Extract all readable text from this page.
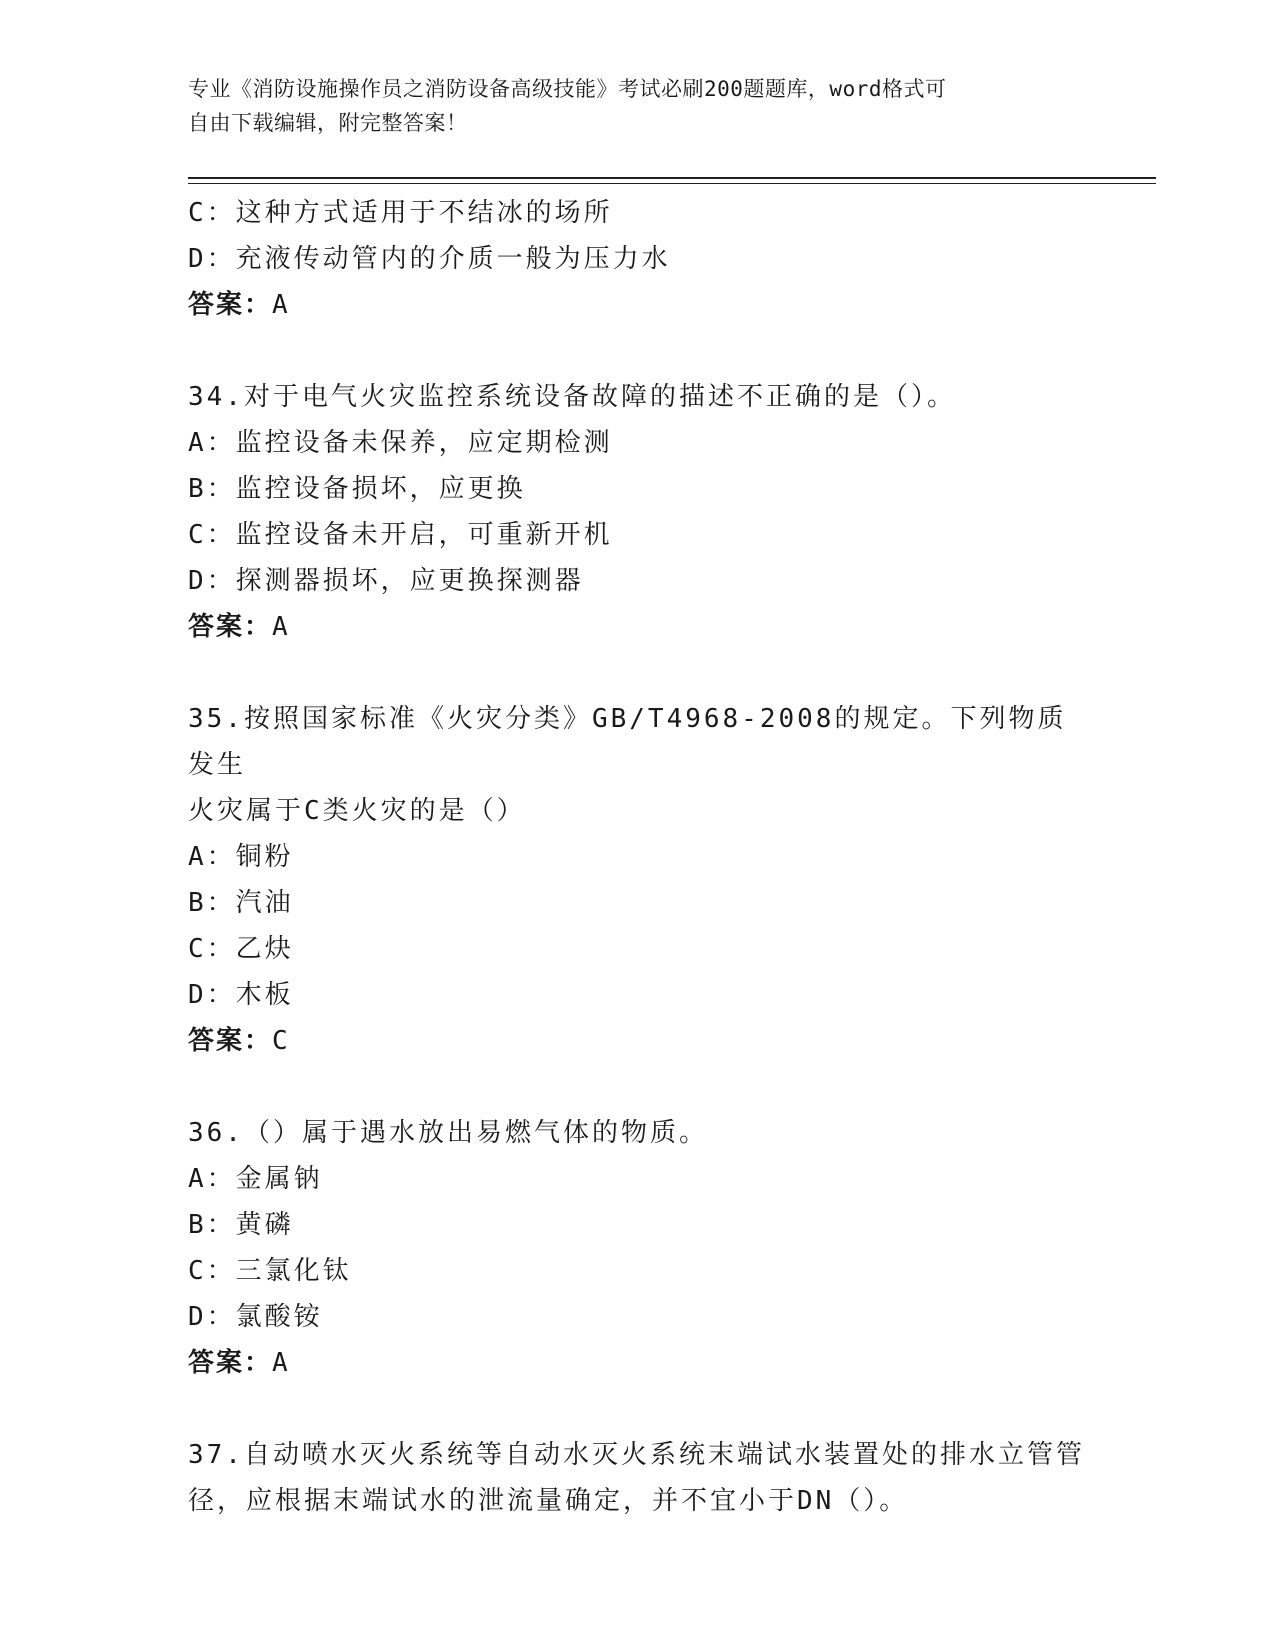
专业《消防设施操作员之消防设备高级技能》考试必刷200题题库，word格式可
自由下载编辑，附完整答案！
C：这种方式适用于不结冰的场所
D：充液传动管内的介质一般为压力水
答案：A
34.对于电气火灾监控系统设备故障的描述不正确的是（）。
A：监控设备未保养，应定期检测
B：监控设备损坏，应更换
C：监控设备未开启，可重新开机
D：探测器损坏，应更换探测器
答案：A
35.按照国家标准《火灾分类》GB/T4968-2008的规定。下列物质发生
火灾属于C类火灾的是（）
A：铜粉
B：汽油
C：乙炔
D：木板
答案：C
36.（）属于遇水放出易燃气体的物质。
A：金属钠
B：黄磷
C：三氯化钛
D：氯酸铵
答案：A
37.自动喷水灭火系统等自动水灭火系统末端试水装置处的排水立管管
径，应根据末端试水的泄流量确定，并不宜小于DN（）。
